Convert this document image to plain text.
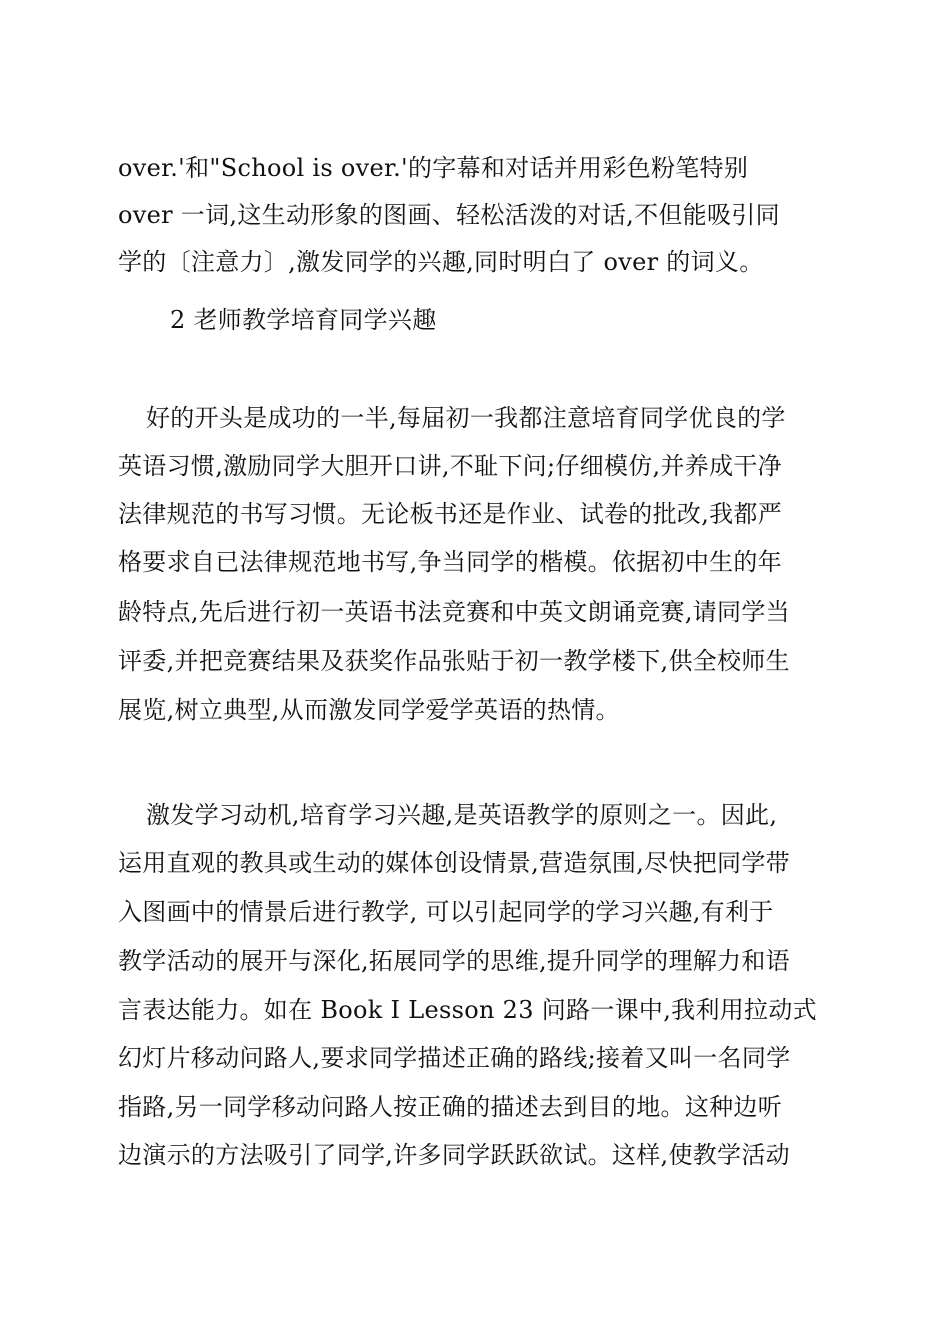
over.'和"School is over.'的字幕和对话并用彩色粉笔特别
over 一词,这生动形象的图画、轻松活泼的对话,不但能吸引同
学的〔注意力〕,激发同学的兴趣,同时明白了 over 的词义。
2 老师教学培育同学兴趣
好的开头是成功的一半,每届初一我都注意培育同学优良的学
英语习惯,激励同学大胆开口讲,不耻下问;仔细模仿,并养成干净
法律规范的书写习惯。无论板书还是作业、试卷的批改,我都严
格要求自已法律规范地书写,争当同学的楷模。依据初中生的年
龄特点,先后进行初一英语书法竞赛和中英文朗诵竞赛,请同学当
评委,并把竞赛结果及获奖作品张贴于初一教学楼下,供全校师生
展览,树立典型,从而激发同学爱学英语的热情。
激发学习动机,培育学习兴趣,是英语教学的原则之一。因此,
运用直观的教具或生动的媒体创设情景,营造氛围,尽快把同学带
入图画中的情景后进行教学, 可以引起同学的学习兴趣,有利于
教学活动的展开与深化,拓展同学的思维,提升同学的理解力和语
言表达能力。如在 Book Ⅰ Lesson 23 问路一课中,我利用拉动式
幻灯片移动问路人,要求同学描述正确的路线;接着又叫一名同学
指路,另一同学移动问路人按正确的描述去到目的地。这种边听
边演示的方法吸引了同学,许多同学跃跃欲试。这样,使教学活动
